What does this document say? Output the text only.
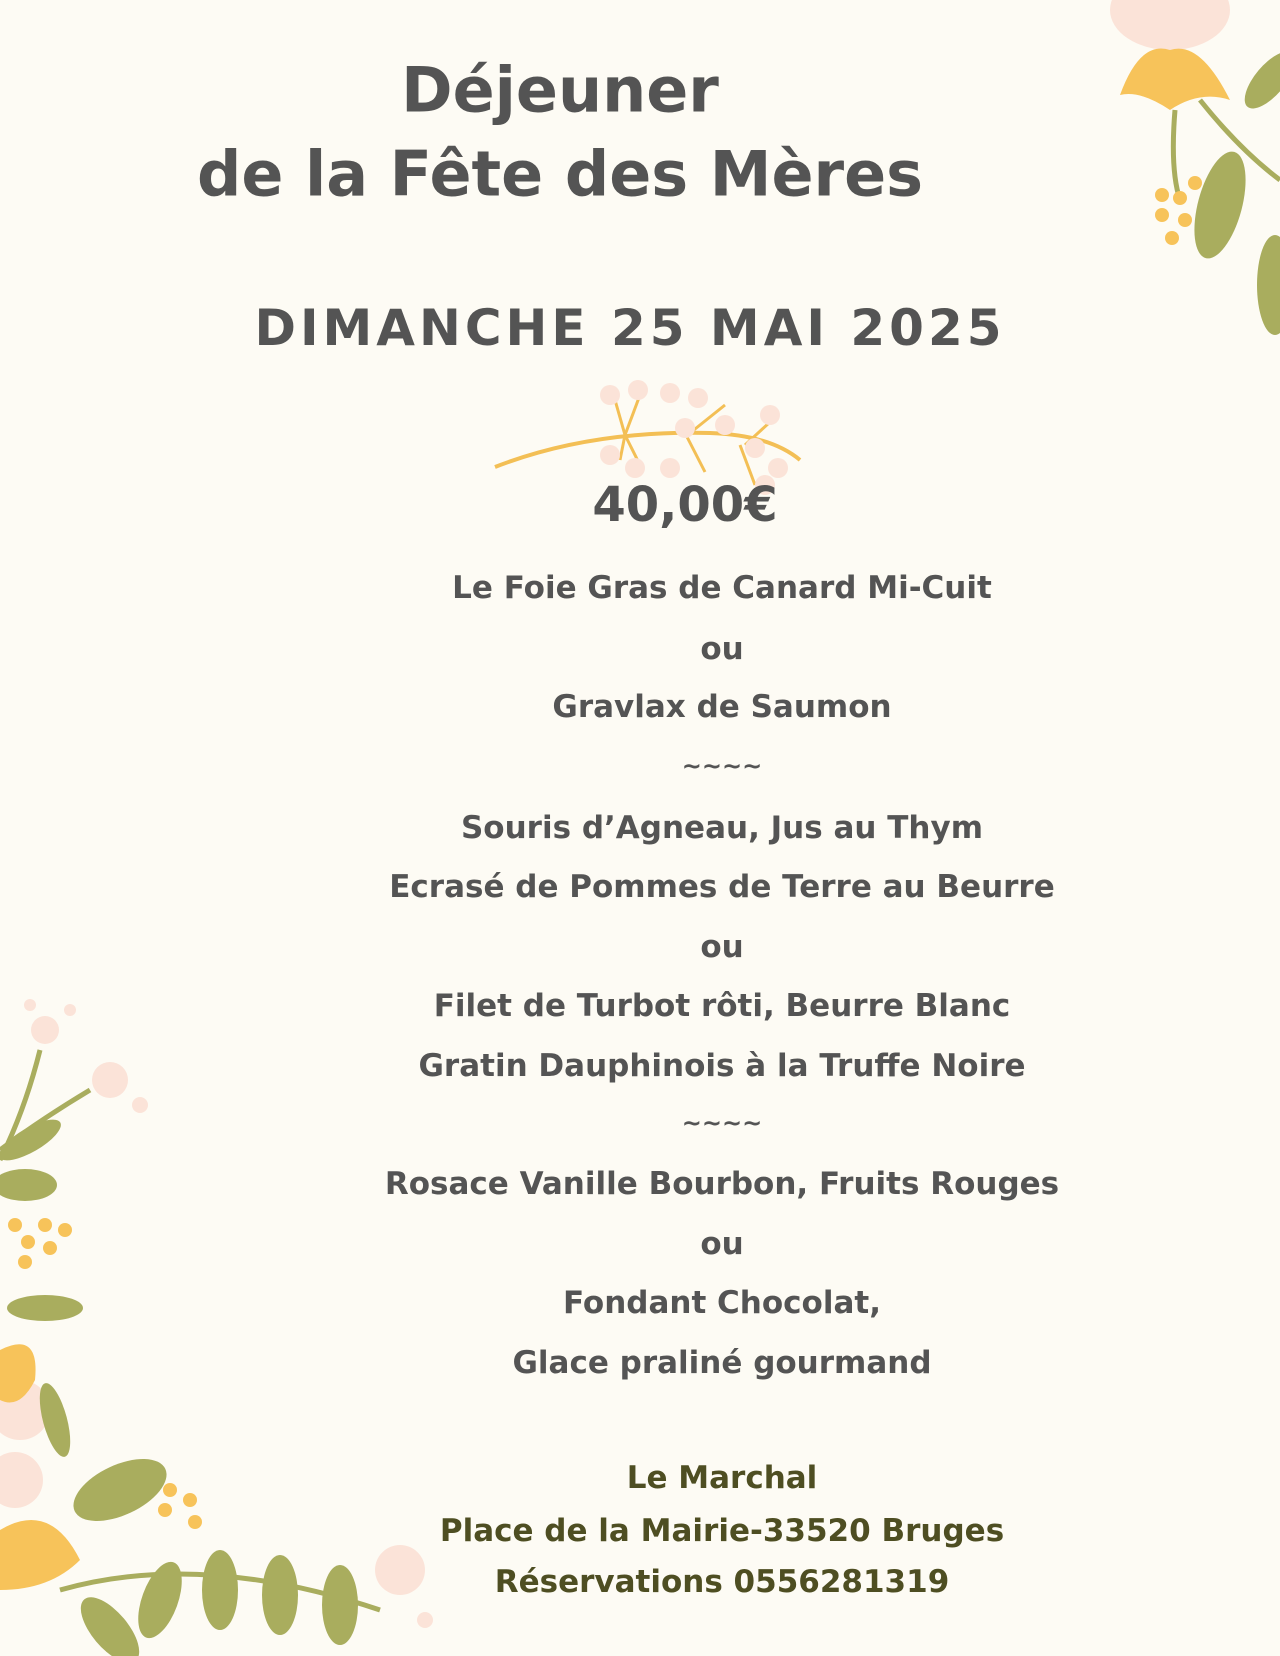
Déjeuner
de la Fête des Mères
DIMANCHE 25 MAI 2025
40,00€
Le Foie Gras de Canard Mi-Cuit
ou
Gravlax de Saumon
~~~~
Souris d’Agneau, Jus au Thym
Ecrasé de Pommes de Terre au Beurre
ou
Filet de Turbot rôti, Beurre Blanc
Gratin Dauphinois à la Truffe Noire
~~~~
Rosace Vanille Bourbon, Fruits Rouges
ou
Fondant Chocolat,
Glace praliné gourmand
Le Marchal
Place de la Mairie-33520 Bruges
Réservations 0556281319
